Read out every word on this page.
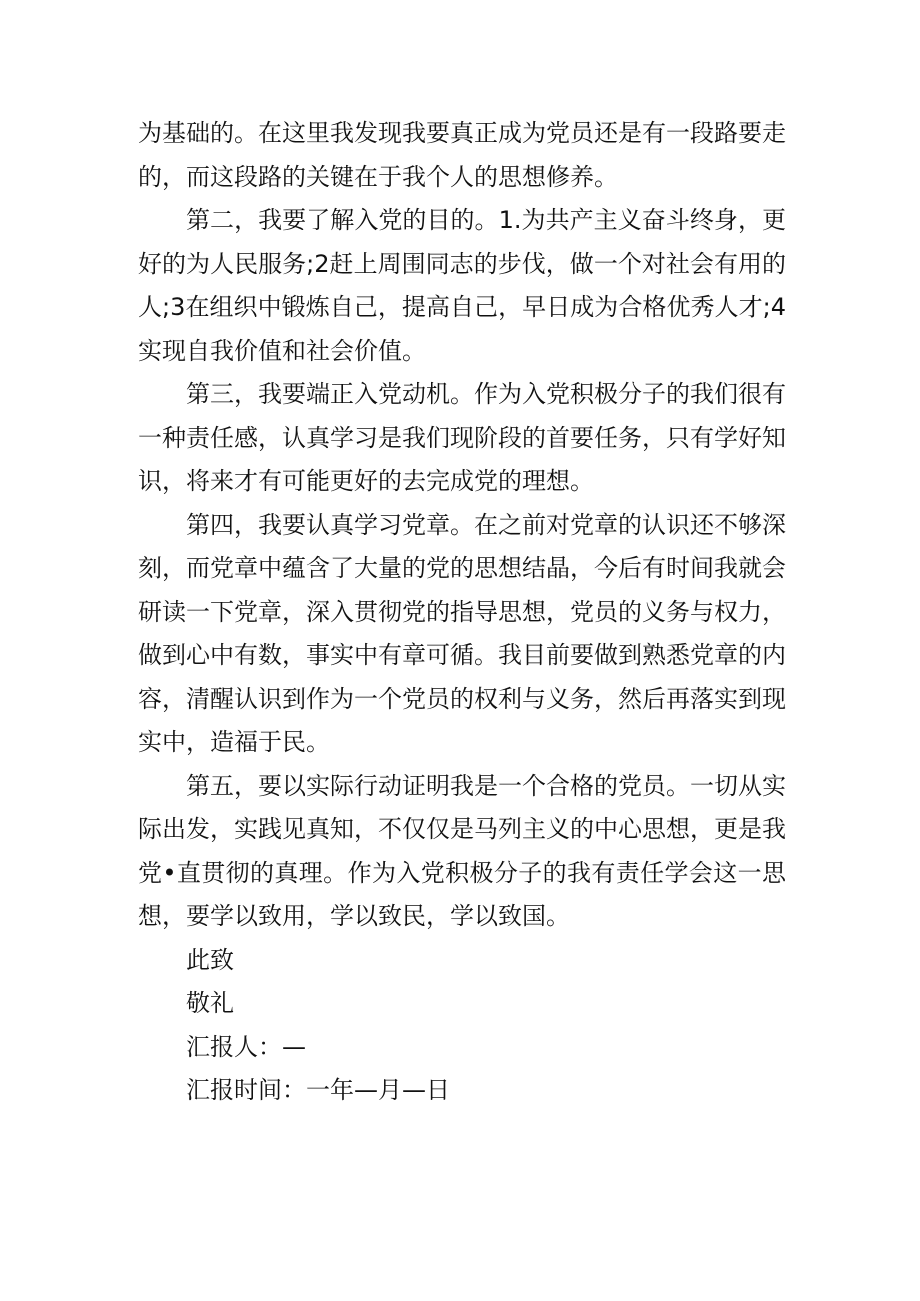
为基础的。在这里我发现我要真正成为党员还是有一段路要走的，而这段路的关键在于我个人的思想修养。

第二，我要了解入党的目的。1.为共产主义奋斗终身，更好的为人民服务;2赶上周围同志的步伐，做一个对社会有用的人;3在组织中锻炼自己，提高自己，早日成为合格优秀人才;4实现自我价值和社会价值。

第三，我要端正入党动机。作为入党积极分子的我们很有一种责任感，认真学习是我们现阶段的首要任务，只有学好知识，将来才有可能更好的去完成党的理想。

第四，我要认真学习党章。在之前对党章的认识还不够深刻，而党章中蕴含了大量的党的思想结晶，今后有时间我就会研读一下党章，深入贯彻党的指导思想，党员的义务与权力，做到心中有数，事实中有章可循。我目前要做到熟悉党章的内容，清醒认识到作为一个党员的权利与义务，然后再落实到现实中，造福于民。

第五，要以实际行动证明我是一个合格的党员。一切从实际出发，实践见真知，不仅仅是马列主义的中心思想，更是我党•直贯彻的真理。作为入党积极分子的我有责任学会这一思想，要学以致用，学以致民，学以致国。

此致

敬礼

汇报人：—

汇报时间：一年—月—日
